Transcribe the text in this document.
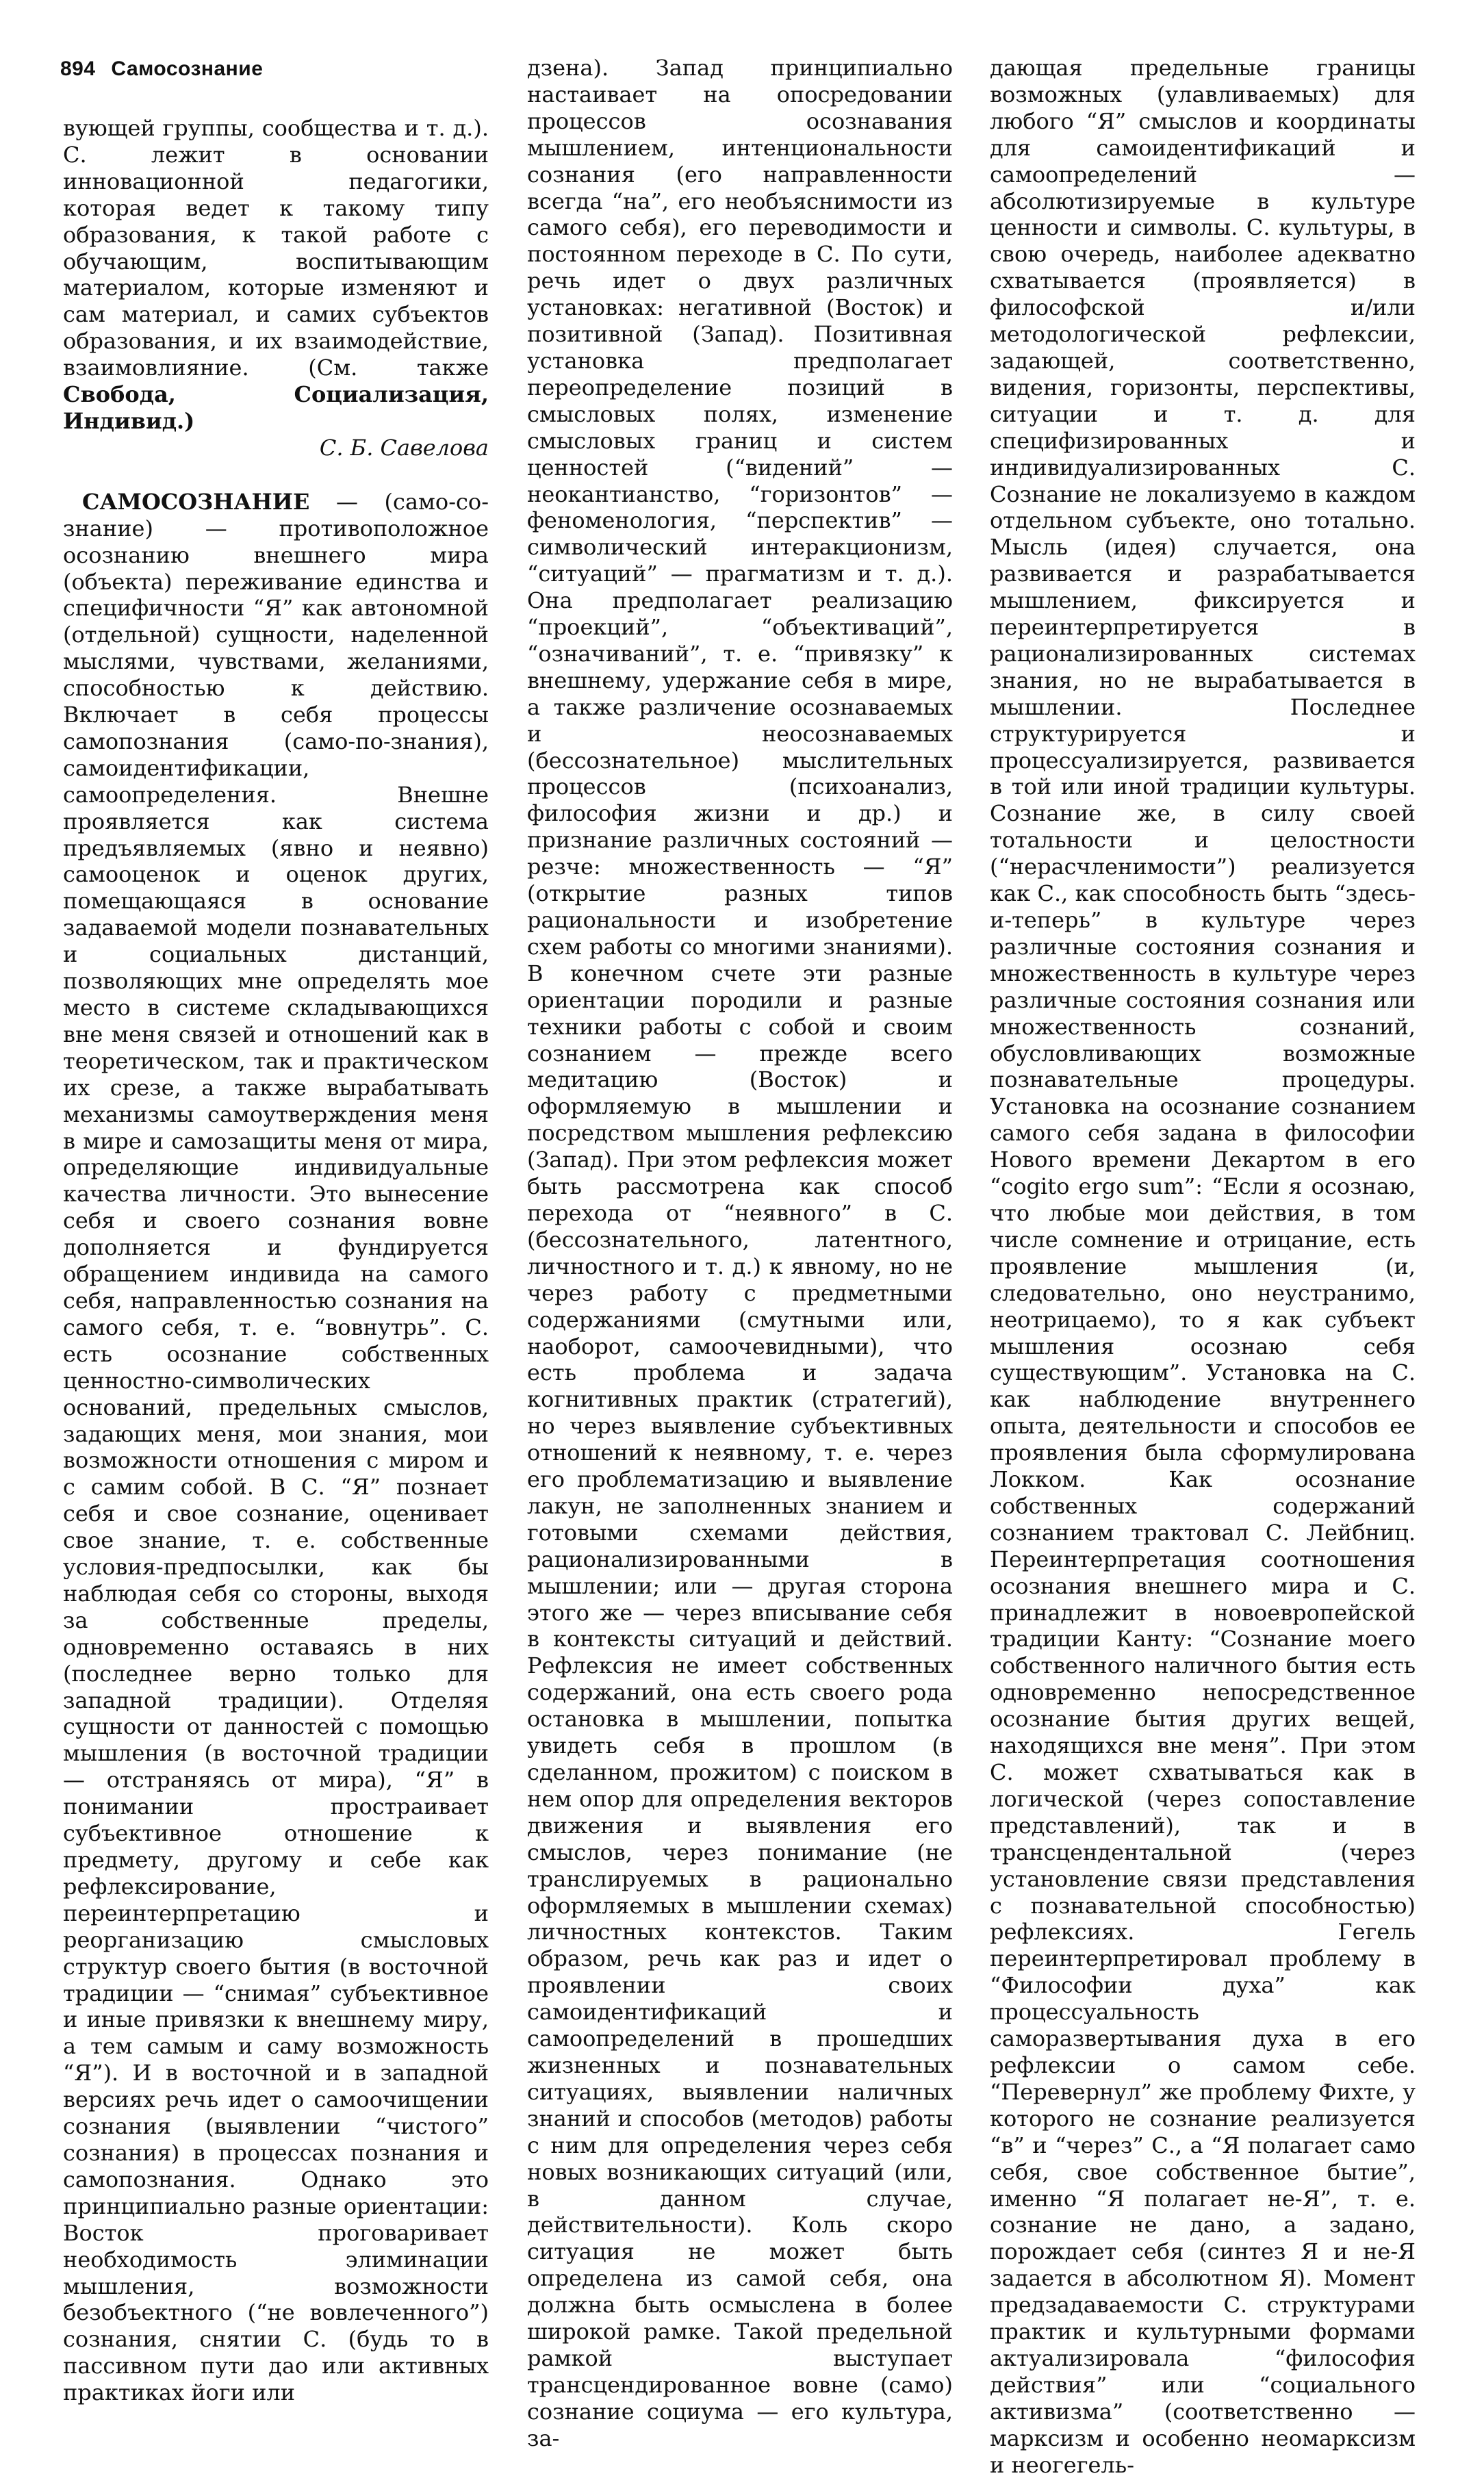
894 Самосознание

вующей группы, сообщества и т. д.). С. лежит в основании инновационной педагогики, которая ведет к такому типу образования, к такой работе с обучающим, воспитывающим материалом, которые изменяют и сам материал, и самих субъектов образования, и их взаимодействие, взаимовлияние. (См. также Свобода, Социализация, Индивид.)

С. Б. Савелова

САМОСОЗНАНИЕ — (само-со-знание) — противоположное осознанию внешнего мира (объекта) переживание единства и специфичности “Я” как автономной (отдельной) сущности, наделенной мыслями, чувствами, желаниями, способностью к действию. Включает в себя процессы самопознания (само-по-знания), самоидентификации, самоопределения. Внешне проявляется как система предъявляемых (явно и неявно) самооценок и оценок других, помещающаяся в основание задаваемой модели познавательных и социальных дистанций, позволяющих мне определять мое место в системе складывающихся вне меня связей и отношений как в теоретическом, так и практическом их срезе, а также вырабатывать механизмы самоутверждения меня в мире и самозащиты меня от мира, определяющие индивидуальные качества личности. Это вынесение себя и своего сознания вовне дополняется и фундируется обращением индивида на самого себя, направленностью сознания на самого себя, т. е. “вовнутрь”. С. есть осознание собственных ценностно-символических оснований, предельных смыслов, задающих меня, мои знания, мои возможности отношения с миром и с самим собой. В С. “Я” познает себя и свое сознание, оценивает свое знание, т. е. собственные условия-предпосылки, как бы наблюдая себя со стороны, выходя за собственные пределы, одновременно оставаясь в них (последнее верно только для западной традиции). Отделяя сущности от данностей с помощью мышления (в восточной традиции — отстраняясь от мира), “Я” в понимании простраивает субъективное отношение к предмету, другому и себе как рефлексирование, переинтерпретацию и реорганизацию смысловых структур своего бытия (в восточной традиции — “снимая” субъективное и иные привязки к внешнему миру, а тем самым и саму возможность “Я”). И в восточной и в западной версиях речь идет о самоочищении сознания (выявлении “чистого” сознания) в процессах познания и самопознания. Однако это принципиально разные ориентации: Восток проговаривает необходимость элиминации мышления, возможности безобъектного (“не вовлеченного”) сознания, снятии С. (будь то в пассивном пути дао или активных практиках йоги или

дзена). Запад принципиально настаивает на опосредовании процессов осознавания мышлением, интенциональности сознания (его направленности всегда “на”, его необъяснимости из самого себя), его переводимости и постоянном переходе в С. По сути, речь идет о двух различных установках: негативной (Восток) и позитивной (Запад). Позитивная установка предполагает переопределение позиций в смысловых полях, изменение смысловых границ и систем ценностей (“видений” — неокантианство, “горизонтов” — феноменология, “перспектив” — символический интеракционизм, “ситуаций” — прагматизм и т. д.). Она предполагает реализацию “проекций”, “объективаций”, “означиваний”, т. е. “привязку” к внешнему, удержание себя в мире, а также различение осознаваемых и неосознаваемых (бессознательное) мыслительных процессов (психоанализ, философия жизни и др.) и признание различных состояний — резче: множественность — “Я” (открытие разных типов рациональности и изобретение схем работы со многими знаниями). В конечном счете эти разные ориентации породили и разные техники работы с собой и своим сознанием — прежде всего медитацию (Восток) и оформляемую в мышлении и посредством мышления рефлексию (Запад). При этом рефлексия может быть рассмотрена как способ перехода от “неявного” в С. (бессознательного, латентного, личностного и т. д.) к явному, но не через работу с предметными содержаниями (смутными или, наоборот, самоочевидными), что есть проблема и задача когнитивных практик (стратегий), но через выявление субъективных отношений к неявному, т. е. через его проблематизацию и выявление лакун, не заполненных знанием и готовыми схемами действия, рационализированными в мышлении; или — другая сторона этого же — через вписывание себя в контексты ситуаций и действий. Рефлексия не имеет собственных содержаний, она есть своего рода остановка в мышлении, попытка увидеть себя в прошлом (в сделанном, прожитом) с поиском в нем опор для определения векторов движения и выявления его смыслов, через понимание (не транслируемых в рационально оформляемых в мышлении схемах) личностных контекстов. Таким образом, речь как раз и идет о проявлении своих самоидентификаций и самоопределений в прошедших жизненных и познавательных ситуациях, выявлении наличных знаний и способов (методов) работы с ним для определения через себя новых возникающих ситуаций (или, в данном случае, действительности). Коль скоро ситуация не может быть определена из самой себя, она должна быть осмыслена в более широкой рамке. Такой предельной рамкой выступает трансцендированное вовне (само) сознание социума — его культура, за-

дающая предельные границы возможных (улавливаемых) для любого “Я” смыслов и координаты для самоидентификаций и самоопределений — абсолютизируемые в культуре ценности и символы. С. культуры, в свою очередь, наиболее адекватно схватывается (проявляется) в философской и/или методологической рефлексии, задающей, соответственно, видения, горизонты, перспективы, ситуации и т. д. для специфизированных и индивидуализированных С. Сознание не локализуемо в каждом отдельном субъекте, оно тотально. Мысль (идея) случается, она развивается и разрабатывается мышлением, фиксируется и переинтерпретируется в рационализированных системах знания, но не вырабатывается в мышлении. Последнее структурируется и процессуализируется, развивается в той или иной традиции культуры. Сознание же, в силу своей тотальности и целостности (“нерасчленимости”) реализуется как С., как способность быть “здесь-и-теперь” в культуре через различные состояния сознания и множественность в культуре через различные состояния сознания или множественность сознаний, обусловливающих возможные познавательные процедуры. Установка на осознание сознанием самого себя задана в философии Нового времени Декартом в его “cogito ergo sum”: “Если я осознаю, что любые мои действия, в том числе сомнение и отрицание, есть проявление мышления (и, следовательно, оно неустранимо, неотрицаемо), то я как субъект мышления осознаю себя существующим”. Установка на С. как наблюдение внутреннего опыта, деятельности и способов ее проявления была сформулирована Локком. Как осознание собственных содержаний сознанием трактовал С. Лейбниц. Переинтерпретация соотношения осознания внешнего мира и С. принадлежит в новоевропейской традиции Канту: “Сознание моего собственного наличного бытия есть одновременно непосредственное осознание бытия других вещей, находящихся вне меня”. При этом С. может схватываться как в логической (через сопоставление представлений), так и в трансцендентальной (через установление связи представления с познавательной способностью) рефлексиях. Гегель переинтерпретировал проблему в “Философии духа” как процессуальность саморазвертывания духа в его рефлексии о самом себе. “Перевернул” же проблему Фихте, у которого не сознание реализуется “в” и “через” С., а “Я полагает само себя, свое собственное бытие”, именно “Я полагает не-Я”, т. е. сознание не дано, а задано, порождает себя (синтез Я и не-Я задается в абсолютном Я). Момент предзадаваемости С. структурами практик и культурными формами актуализировала “философия действия” или “социального активизма” (соответственно — марксизм и особенно неомарксизм и неогегель-
